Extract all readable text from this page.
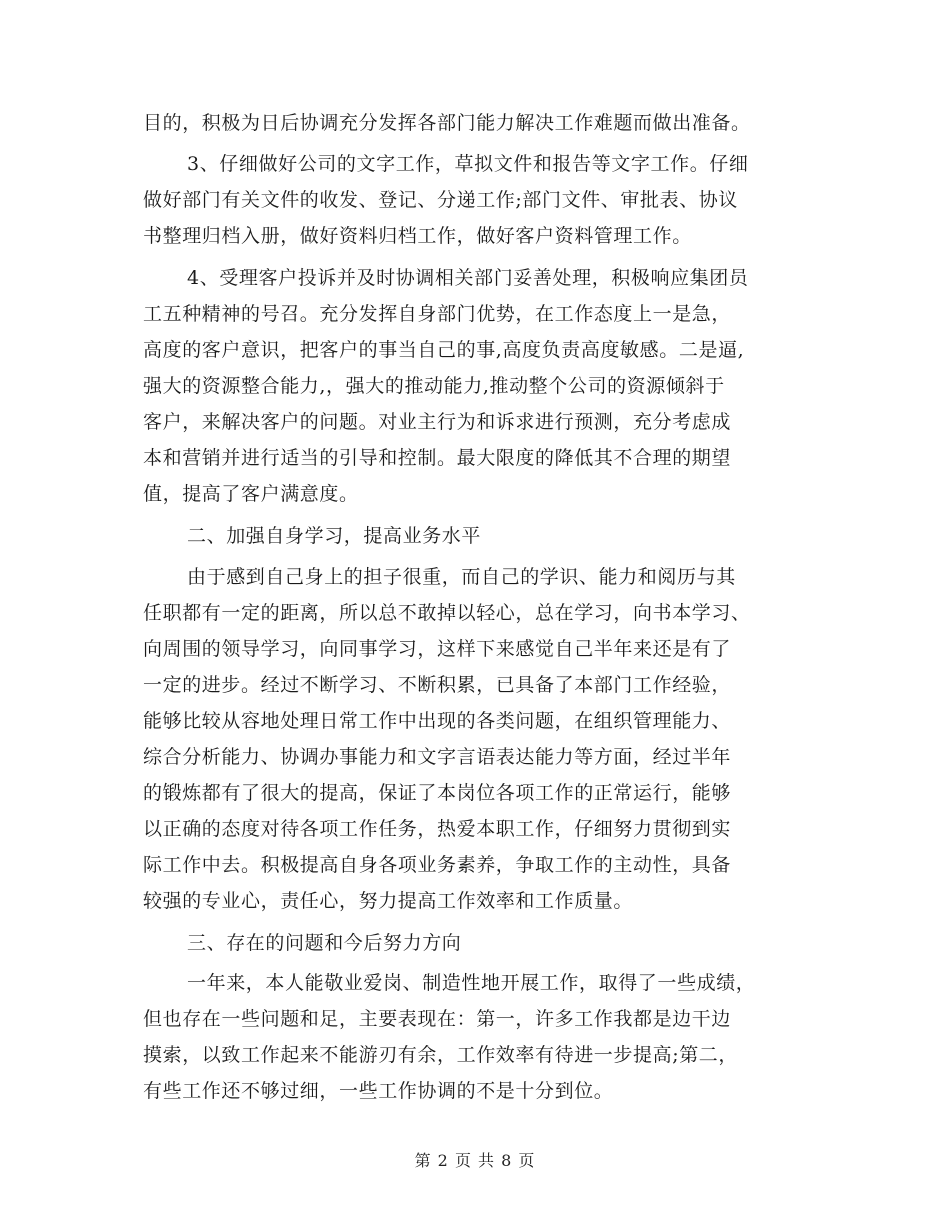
目的，积极为日后协调充分发挥各部门能力解决工作难题而做出准备。
3、仔细做好公司的文字工作，草拟文件和报告等文字工作。仔细
做好部门有关文件的收发、登记、分递工作;部门文件、审批表、协议
书整理归档入册，做好资料归档工作，做好客户资料管理工作。
4、受理客户投诉并及时协调相关部门妥善处理，积极响应集团员
工五种精神的号召。充分发挥自身部门优势，在工作态度上一是急，
高度的客户意识，把客户的事当自己的事,高度负责高度敏感。二是逼,
强大的资源整合能力,，强大的推动能力,推动整个公司的资源倾斜于
客户，来解决客户的问题。对业主行为和诉求进行预测，充分考虑成
本和营销并进行适当的引导和控制。最大限度的降低其不合理的期望
值，提高了客户满意度。
二、加强自身学习，提高业务水平
由于感到自己身上的担子很重，而自己的学识、能力和阅历与其
任职都有一定的距离，所以总不敢掉以轻心，总在学习，向书本学习、
向周围的领导学习，向同事学习，这样下来感觉自己半年来还是有了
一定的进步。经过不断学习、不断积累，已具备了本部门工作经验，
能够比较从容地处理日常工作中出现的各类问题，在组织管理能力、
综合分析能力、协调办事能力和文字言语表达能力等方面，经过半年
的锻炼都有了很大的提高，保证了本岗位各项工作的正常运行，能够
以正确的态度对待各项工作任务，热爱本职工作，仔细努力贯彻到实
际工作中去。积极提高自身各项业务素养，争取工作的主动性，具备
较强的专业心，责任心，努力提高工作效率和工作质量。
三、存在的问题和今后努力方向
一年来，本人能敬业爱岗、制造性地开展工作，取得了一些成绩，
但也存在一些问题和足，主要表现在：第一，许多工作我都是边干边
摸索，以致工作起来不能游刃有余，工作效率有待进一步提高;第二，
有些工作还不够过细，一些工作协调的不是十分到位。
第 2 页 共 8 页
